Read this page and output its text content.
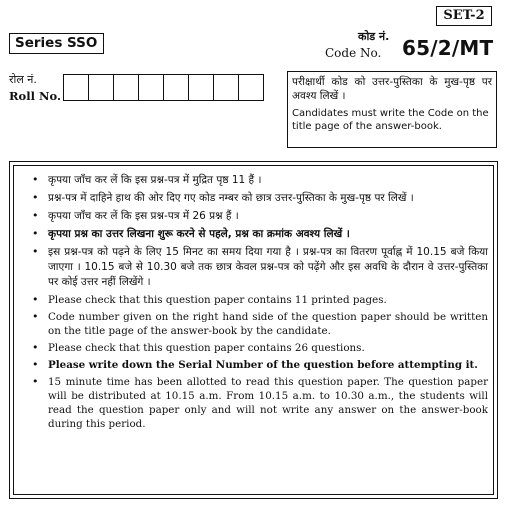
SET-2
Series SSO	कोड नं.
Code No. 65/2/MT
रोल नं.
Roll No.
परीक्षार्थी कोड को उत्तर-पुस्तिका के मुख-पृष्ठ पर अवश्य लिखें ।
Candidates must write the Code on the title page of the answer-book.
• कृपया जाँच कर लें कि इस प्रश्न-पत्र में मुद्रित पृष्ठ 11 हैं ।
• प्रश्न-पत्र में दाहिने हाथ की ओर दिए गए कोड नम्बर को छात्र उत्तर-पुस्तिका के मुख-पृष्ठ पर लिखें ।
• कृपया जाँच कर लें कि इस प्रश्न-पत्र में 26 प्रश्न हैं ।
• कृपया प्रश्न का उत्तर लिखना शुरू करने से पहले, प्रश्न का क्रमांक अवश्य लिखें ।
• इस प्रश्न-पत्र को पढ़ने के लिए 15 मिनट का समय दिया गया है । प्रश्न-पत्र का वितरण पूर्वाह्न में 10.15 बजे किया जाएगा । 10.15 बजे से 10.30 बजे तक छात्र केवल प्रश्न-पत्र को पढ़ेंगे और इस अवधि के दौरान वे उत्तर-पुस्तिका पर कोई उत्तर नहीं लिखेंगे ।
• Please check that this question paper contains 11 printed pages.
• Code number given on the right hand side of the question paper should be written on the title page of the answer-book by the candidate.
• Please check that this question paper contains 26 questions.
• Please write down the Serial Number of the question before attempting it.
• 15 minute time has been allotted to read this question paper. The question paper will be distributed at 10.15 a.m. From 10.15 a.m. to 10.30 a.m., the students will read the question paper only and will not write any answer on the answer-book during this period.
